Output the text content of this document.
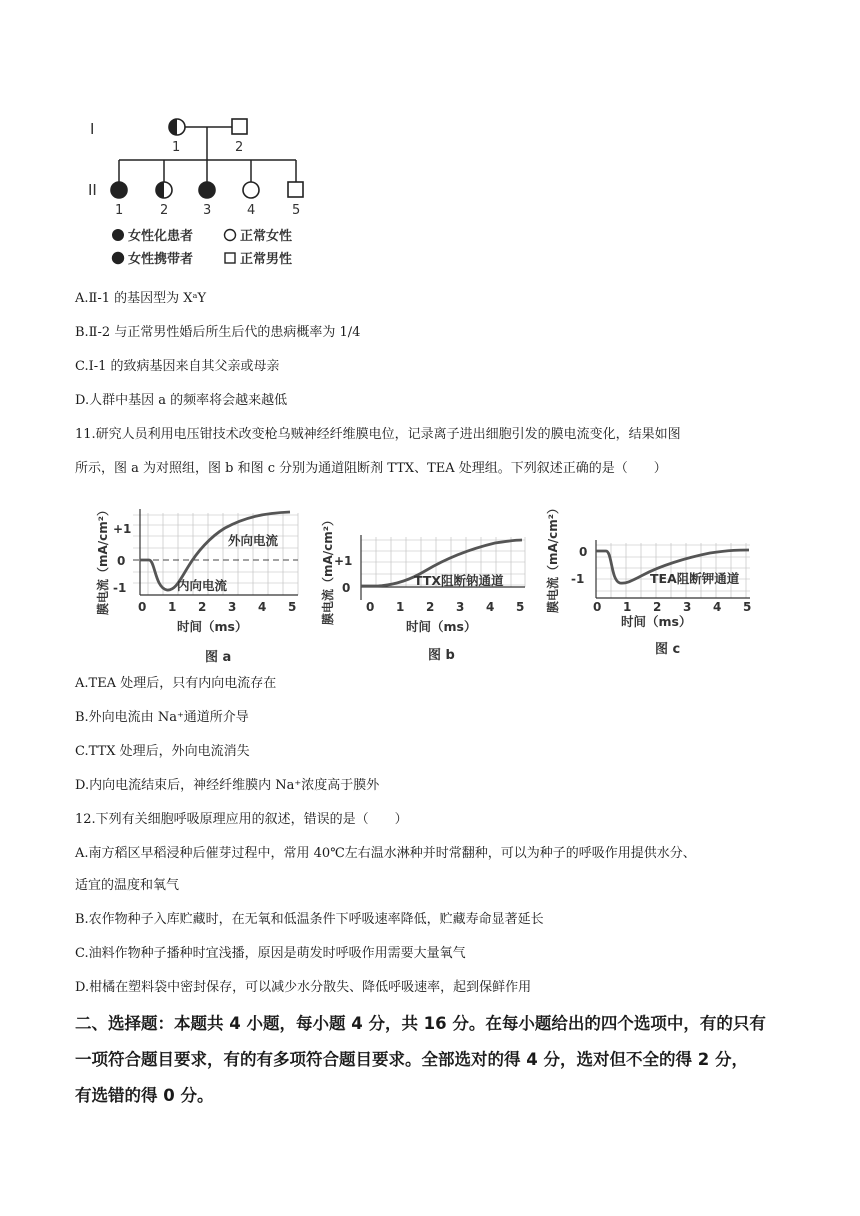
I
II
1	2
1	2	3	4	5
女性化患者	正常女性
女性携带者	正常男性
A.Ⅱ-1 的基因型为 XᵃY
B.Ⅱ-2 与正常男性婚后所生后代的患病概率为 1/4
C.I-1 的致病基因来自其父亲或母亲
D.人群中基因 a 的频率将会越来越低
11.研究人员利用电压钳技术改变枪乌贼神经纤维膜电位，记录离子进出细胞引发的膜电流变化，结果如图
所示，图 a 为对照组，图 b 和图 c 分别为通道阻断剂 TTX、TEA 处理组。下列叙述正确的是（　　）
膜电流（mA/cm²） +1
0
-1
外向电流
内向电流
0 1 2 3 4 5
时间（ms）
图 a
膜电流（mA/cm²） +1
0	TTX阻断钠通道
0 1 2 3 4 5
时间（ms）
图 b
膜电流（mA/cm²） 0
-1	TEA阻断钾通道
0 1 2 3 4 5
时间（ms）
图 c
A.TEA 处理后，只有内向电流存在
B.外向电流由 Na⁺通道所介导
C.TTX 处理后，外向电流消失
D.内向电流结束后，神经纤维膜内 Na⁺浓度高于膜外
12.下列有关细胞呼吸原理应用的叙述，错误的是（　　）
A.南方稻区早稻浸种后催芽过程中，常用 40℃左右温水淋种并时常翻种，可以为种子的呼吸作用提供水分、
适宜的温度和氧气
B.农作物种子入库贮藏时，在无氧和低温条件下呼吸速率降低，贮藏寿命显著延长
C.油料作物种子播种时宜浅播，原因是萌发时呼吸作用需要大量氧气
D.柑橘在塑料袋中密封保存，可以减少水分散失、降低呼吸速率，起到保鲜作用
二、选择题：本题共 4 小题，每小题 4 分，共 16 分。在每小题给出的四个选项中，有的只有
一项符合题目要求，有的有多项符合题目要求。全部选对的得 4 分，选对但不全的得 2 分，
有选错的得 0 分。
